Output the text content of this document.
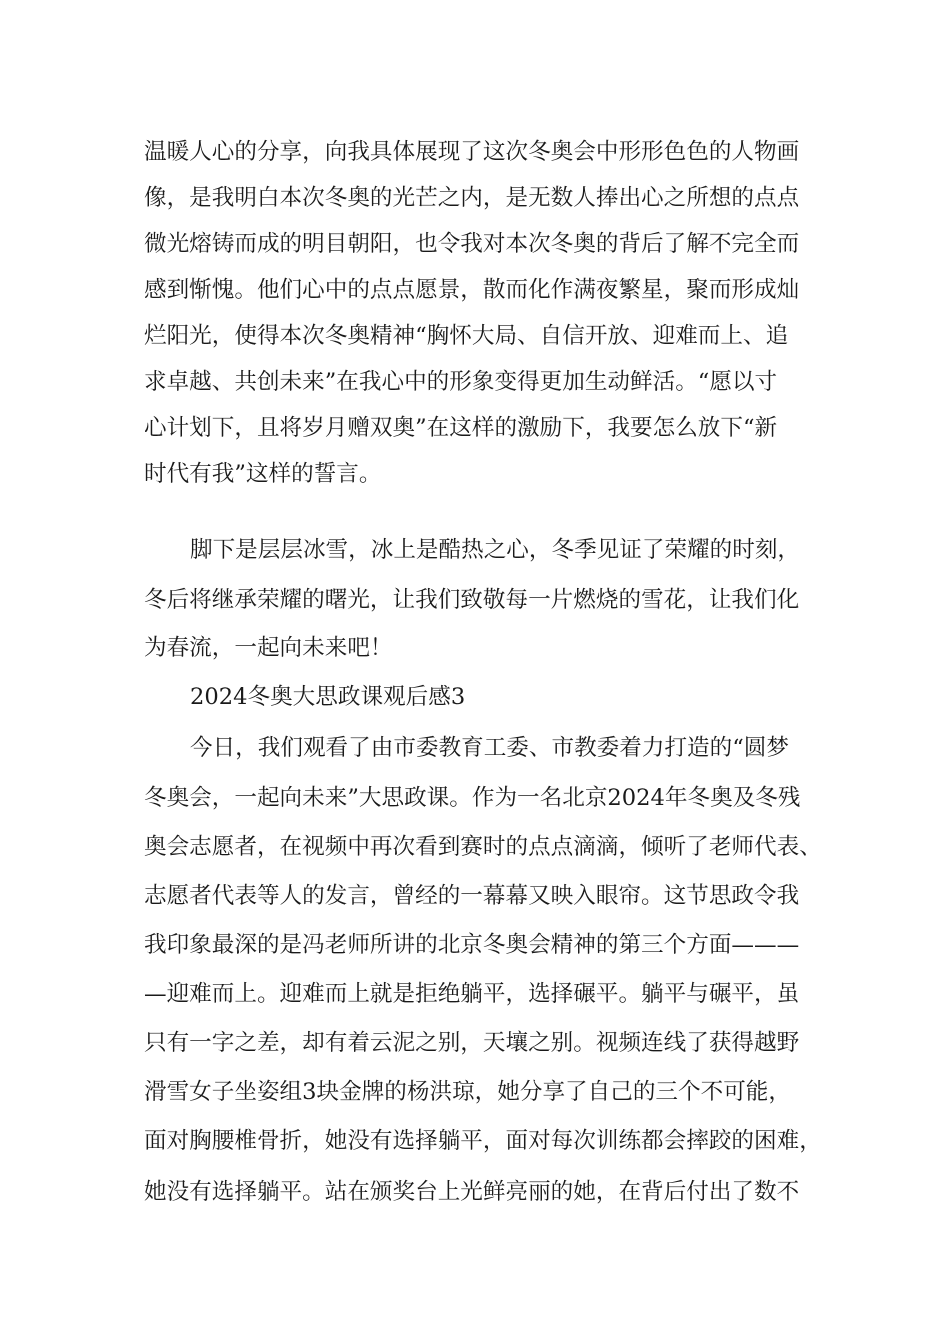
温暖人心的分享，向我具体展现了这次冬奥会中形形色色的人物画
像，是我明白本次冬奥的光芒之内，是无数人捧出心之所想的点点
微光熔铸而成的明目朝阳，也令我对本次冬奥的背后了解不完全而
感到惭愧。他们心中的点点愿景，散而化作满夜繁星，聚而形成灿
烂阳光，使得本次冬奥精神“胸怀大局、自信开放、迎难而上、追
求卓越、共创未来”在我心中的形象变得更加生动鲜活。“愿以寸
心计划下，且将岁月赠双奥”在这样的激励下，我要怎么放下“新
时代有我”这样的誓言。
脚下是层层冰雪，冰上是酷热之心，冬季见证了荣耀的时刻，
冬后将继承荣耀的曙光，让我们致敬每一片燃烧的雪花，让我们化
为春流，一起向未来吧！
2024冬奥大思政课观后感3
今日，我们观看了由市委教育工委、市教委着力打造的“圆梦
冬奥会，一起向未来”大思政课。作为一名北京2024年冬奥及冬残
奥会志愿者，在视频中再次看到赛时的点点滴滴，倾听了老师代表、
志愿者代表等人的发言，曾经的一幕幕又映入眼帘。这节思政令我
我印象最深的是冯老师所讲的北京冬奥会精神的第三个方面———
—迎难而上。迎难而上就是拒绝躺平，选择碾平。躺平与碾平，虽
只有一字之差，却有着云泥之别，天壤之别。视频连线了获得越野
滑雪女子坐姿组3块金牌的杨洪琼，她分享了自己的三个不可能，
面对胸腰椎骨折，她没有选择躺平，面对每次训练都会摔跤的困难，
她没有选择躺平。站在颁奖台上光鲜亮丽的她，在背后付出了数不
